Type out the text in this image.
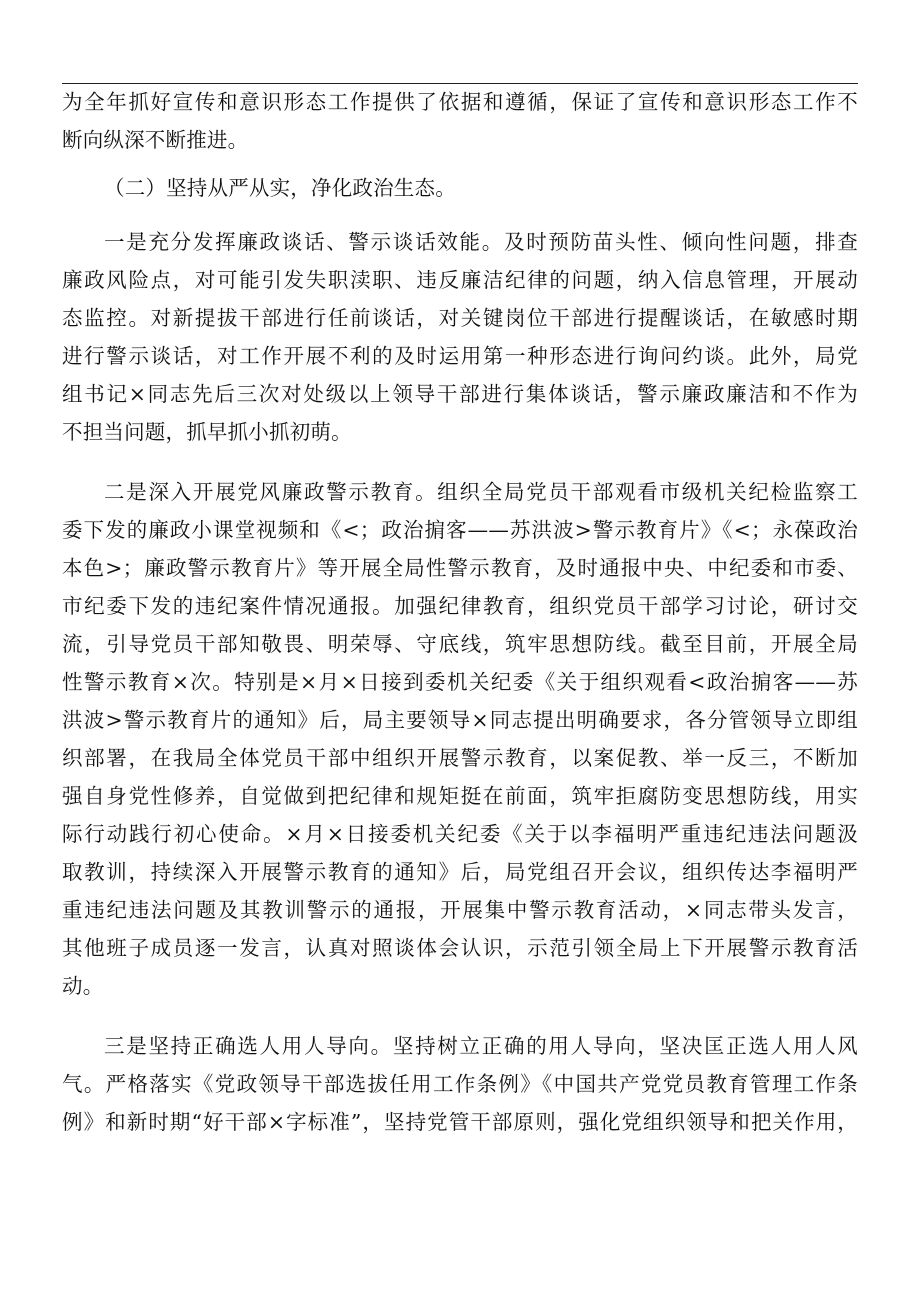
为全年抓好宣传和意识形态工作提供了依据和遵循，保证了宣传和意识形态工作不
断向纵深不断推进。
（二）坚持从严从实，净化政治生态。
一是充分发挥廉政谈话、警示谈话效能。及时预防苗头性、倾向性问题，排查
廉政风险点，对可能引发失职渎职、违反廉洁纪律的问题，纳入信息管理，开展动
态监控。对新提拔干部进行任前谈话，对关键岗位干部进行提醒谈话，在敏感时期
进行警示谈话，对工作开展不利的及时运用第一种形态进行询问约谈。此外，局党
组书记×同志先后三次对处级以上领导干部进行集体谈话，警示廉政廉洁和不作为
不担当问题，抓早抓小抓初萌。
二是深入开展党风廉政警示教育。组织全局党员干部观看市级机关纪检监察工
委下发的廉政小课堂视频和《<；政治掮客——苏洪波>警示教育片》《<；永葆政治
本色>；廉政警示教育片》等开展全局性警示教育，及时通报中央、中纪委和市委、
市纪委下发的违纪案件情况通报。加强纪律教育，组织党员干部学习讨论，研讨交
流，引导党员干部知敬畏、明荣辱、守底线，筑牢思想防线。截至目前，开展全局
性警示教育×次。特别是×月×日接到委机关纪委《关于组织观看<政治掮客——苏
洪波>警示教育片的通知》后，局主要领导×同志提出明确要求，各分管领导立即组
织部署，在我局全体党员干部中组织开展警示教育，以案促教、举一反三，不断加
强自身党性修养，自觉做到把纪律和规矩挺在前面，筑牢拒腐防变思想防线，用实
际行动践行初心使命。×月×日接委机关纪委《关于以李福明严重违纪违法问题汲
取教训，持续深入开展警示教育的通知》后，局党组召开会议，组织传达李福明严
重违纪违法问题及其教训警示的通报，开展集中警示教育活动，×同志带头发言，
其他班子成员逐一发言，认真对照谈体会认识，示范引领全局上下开展警示教育活
动。
三是坚持正确选人用人导向。坚持树立正确的用人导向，坚决匡正选人用人风
气。严格落实《党政领导干部选拔任用工作条例》《中国共产党党员教育管理工作条
例》和新时期“好干部×字标准”，坚持党管干部原则，强化党组织领导和把关作用，
